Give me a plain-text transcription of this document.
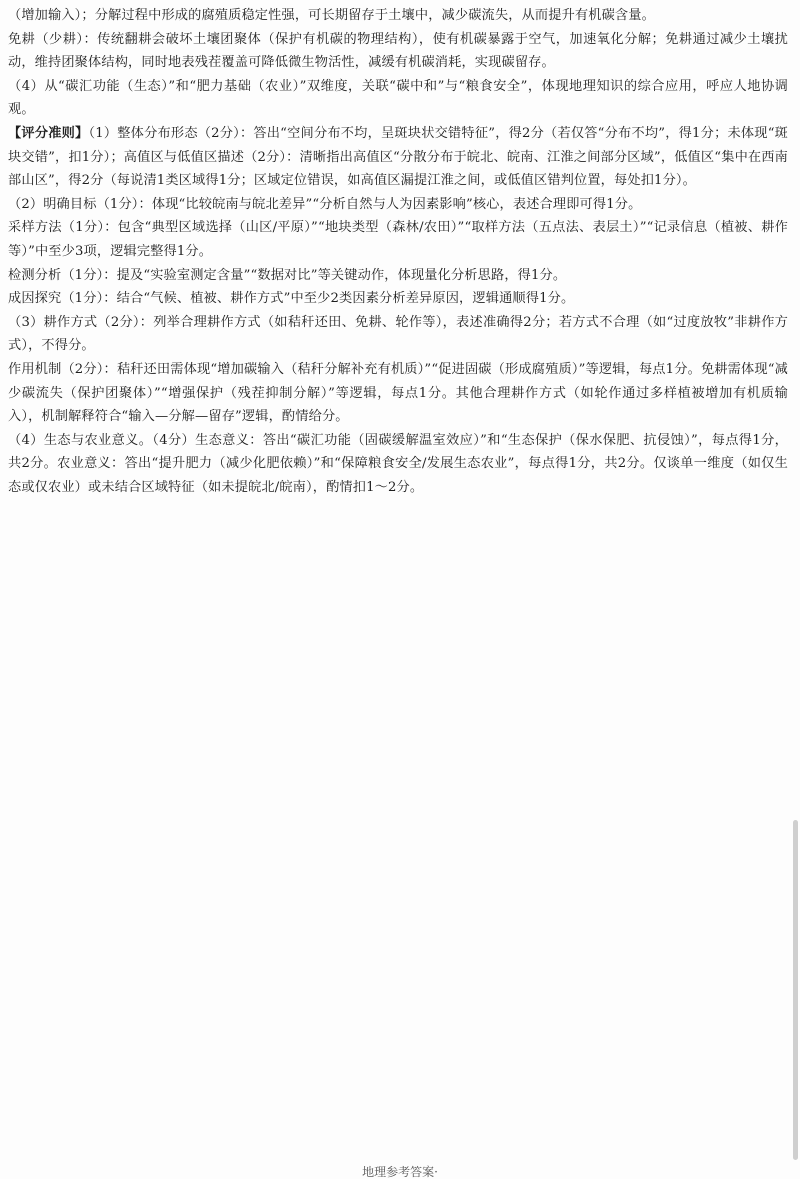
（增加输入）；分解过程中形成的腐殖质稳定性强，可长期留存于土壤中，减少碳流失，从而提升有机碳含量。

免耕（少耕）：传统翻耕会破坏土壤团聚体（保护有机碳的物理结构），使有机碳暴露于空气，加速氧化分解；免耕通过减少土壤扰动，维持团聚体结构，同时地表残茬覆盖可降低微生物活性，减缓有机碳消耗，实现碳留存。

（4）从“碳汇功能（生态）”和“肥力基础（农业）”双维度，关联“碳中和”与“粮食安全”，体现地理知识的综合应用，呼应人地协调观。

【评分准则】（1）整体分布形态（2分）：答出“空间分布不均，呈斑块状交错特征”，得2分（若仅答“分布不均”，得1分；未体现“斑块交错”，扣1分）；高值区与低值区描述（2分）：清晰指出高值区“分散分布于皖北、皖南、江淮之间部分区域”，低值区“集中在西南部山区”，得2分（每说清1类区域得1分；区域定位错误，如高值区漏提江淮之间，或低值区错判位置，每处扣1分）。

（2）明确目标（1分）：体现“比较皖南与皖北差异”“分析自然与人为因素影响”核心，表述合理即可得1分。

采样方法（1分）：包含“典型区域选择（山区/平原）”“地块类型（森林/农田）”“取样方法（五点法、表层土）”“记录信息（植被、耕作等）”中至少3项，逻辑完整得1分。

检测分析（1分）：提及“实验室测定含量”“数据对比”等关键动作，体现量化分析思路，得1分。

成因探究（1分）：结合“气候、植被、耕作方式”中至少2类因素分析差异原因，逻辑通顺得1分。

（3）耕作方式（2分）：列举合理耕作方式（如秸秆还田、免耕、轮作等），表述准确得2分；若方式不合理（如“过度放牧”非耕作方式），不得分。

作用机制（2分）：秸秆还田需体现“增加碳输入（秸秆分解补充有机质）”“促进固碳（形成腐殖质）”等逻辑，每点1分。免耕需体现“减少碳流失（保护团聚体）”“增强保护（残茬抑制分解）”等逻辑，每点1分。其他合理耕作方式（如轮作通过多样植被增加有机质输入），机制解释符合“输入—分解—留存”逻辑，酌情给分。

（4）生态与农业意义。（4分）生态意义：答出“碳汇功能（固碳缓解温室效应）”和“生态保护（保水保肥、抗侵蚀）”，每点得1分，共2分。农业意义：答出“提升肥力（减少化肥依赖）”和“保障粮食安全/发展生态农业”，每点得1分，共2分。仅谈单一维度（如仅生态或仅农业）或未结合区域特征（如未提皖北/皖南），酌情扣1～2分。

地理参考答案·
